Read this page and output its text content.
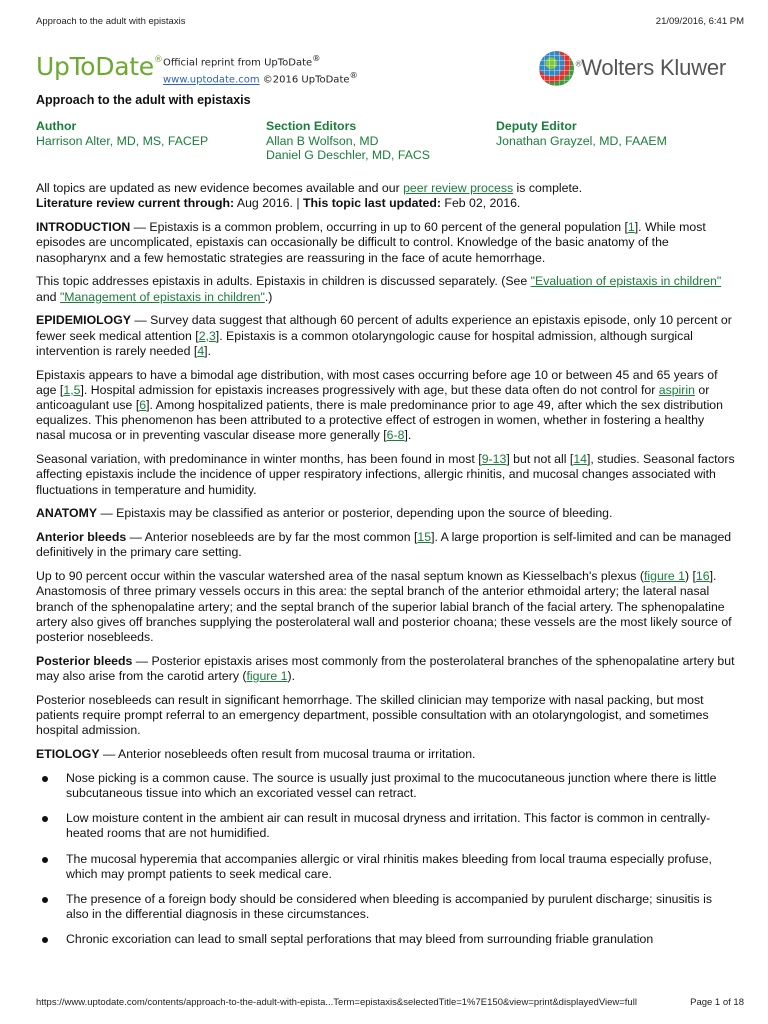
Approach to the adult with epistaxis	21/09/2016, 6:41 PM
UpToDate® Official reprint from UpToDate®
www.uptodate.com ©2016 UpToDate®
®Wolters Kluwer
Approach to the adult with epistaxis
Author
Harrison Alter, MD, MS, FACEP
Section Editors
Allan B Wolfson, MD
Daniel G Deschler, MD, FACS
Deputy Editor
Jonathan Grayzel, MD, FAAEM
All topics are updated as new evidence becomes available and our peer review process is complete.
Literature review current through: Aug 2016. | This topic last updated: Feb 02, 2016.

INTRODUCTION — Epistaxis is a common problem, occurring in up to 60 percent of the general population [1]. While most episodes are uncomplicated, epistaxis can occasionally be difficult to control. Knowledge of the basic anatomy of the nasopharynx and a few hemostatic strategies are reassuring in the face of acute hemorrhage.

This topic addresses epistaxis in adults. Epistaxis in children is discussed separately. (See "Evaluation of epistaxis in children" and "Management of epistaxis in children".)

EPIDEMIOLOGY — Survey data suggest that although 60 percent of adults experience an epistaxis episode, only 10 percent or fewer seek medical attention [2,3]. Epistaxis is a common otolaryngologic cause for hospital admission, although surgical intervention is rarely needed [4].

Epistaxis appears to have a bimodal age distribution, with most cases occurring before age 10 or between 45 and 65 years of age [1,5]. Hospital admission for epistaxis increases progressively with age, but these data often do not control for aspirin or anticoagulant use [6]. Among hospitalized patients, there is male predominance prior to age 49, after which the sex distribution equalizes. This phenomenon has been attributed to a protective effect of estrogen in women, whether in fostering a healthy nasal mucosa or in preventing vascular disease more generally [6-8].

Seasonal variation, with predominance in winter months, has been found in most [9-13] but not all [14], studies. Seasonal factors affecting epistaxis include the incidence of upper respiratory infections, allergic rhinitis, and mucosal changes associated with fluctuations in temperature and humidity.

ANATOMY — Epistaxis may be classified as anterior or posterior, depending upon the source of bleeding.

Anterior bleeds — Anterior nosebleeds are by far the most common [15]. A large proportion is self-limited and can be managed definitively in the primary care setting.

Up to 90 percent occur within the vascular watershed area of the nasal septum known as Kiesselbach's plexus (figure 1) [16]. Anastomosis of three primary vessels occurs in this area: the septal branch of the anterior ethmoidal artery; the lateral nasal branch of the sphenopalatine artery; and the septal branch of the superior labial branch of the facial artery. The sphenopalatine artery also gives off branches supplying the posterolateral wall and posterior choana; these vessels are the most likely source of posterior nosebleeds.

Posterior bleeds — Posterior epistaxis arises most commonly from the posterolateral branches of the sphenopalatine artery but may also arise from the carotid artery (figure 1).

Posterior nosebleeds can result in significant hemorrhage. The skilled clinician may temporize with nasal packing, but most patients require prompt referral to an emergency department, possible consultation with an otolaryngologist, and sometimes hospital admission.

ETIOLOGY — Anterior nosebleeds often result from mucosal trauma or irritation.

Nose picking is a common cause. The source is usually just proximal to the mucocutaneous junction where there is little subcutaneous tissue into which an excoriated vessel can retract.
Low moisture content in the ambient air can result in mucosal dryness and irritation. This factor is common in centrally-heated rooms that are not humidified.
The mucosal hyperemia that accompanies allergic or viral rhinitis makes bleeding from local trauma especially profuse, which may prompt patients to seek medical care.
The presence of a foreign body should be considered when bleeding is accompanied by purulent discharge; sinusitis is also in the differential diagnosis in these circumstances.
Chronic excoriation can lead to small septal perforations that may bleed from surrounding friable granulation
https://www.uptodate.com/contents/approach-to-the-adult-with-epista...Term=epistaxis&selectedTitle=1%7E150&view=print&displayedView=full	Page 1 of 18
